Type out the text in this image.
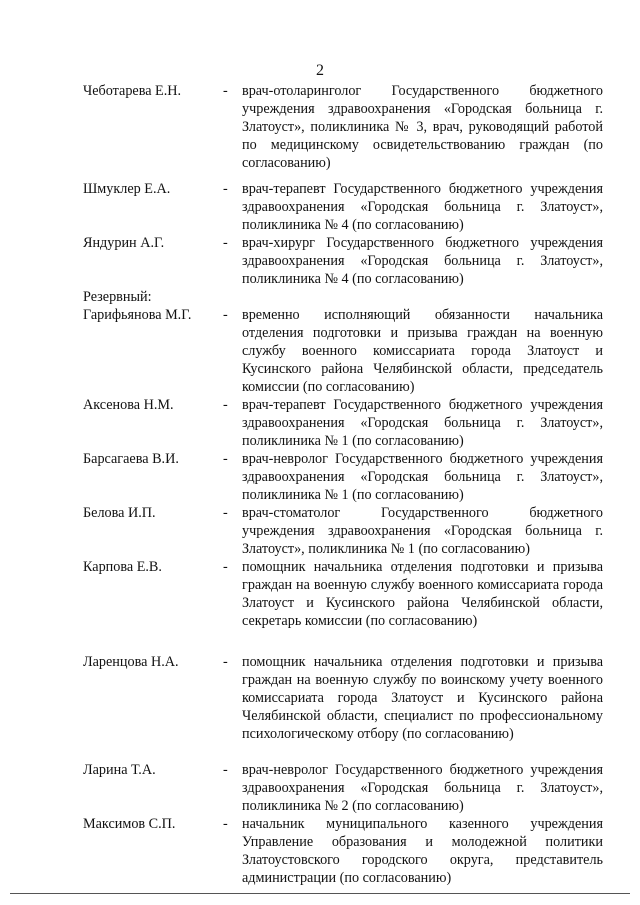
2
Чеботарева Е.Н.	-	врач-отоларинголог Государственного бюджетного учреждения здравоохранения «Городская больница г. Златоуст», поликлиника № 3, врач, руководящий работой по медицинскому освидетельствованию граждан (по согласованию)
Шмуклер Е.А.	-	врач-терапевт Государственного бюджетного учреждения здравоохранения «Городская больница г. Златоуст», поликлиника № 4 (по согласованию)
Яндурин А.Г.	-	врач-хирург Государственного бюджетного учреждения здравоохранения «Городская больница г. Златоуст», поликлиника № 4 (по согласованию)
Резервный:
Гарифьянова М.Г.	-	временно исполняющий обязанности начальника отделения подготовки и призыва граждан на военную службу военного комиссариата города Златоуст и Кусинского района Челябинской области, председатель комиссии (по согласованию)
Аксенова Н.М.	-	врач-терапевт Государственного бюджетного учреждения здравоохранения «Городская больница г. Златоуст», поликлиника № 1 (по согласованию)
Барсагаева В.И.	-	врач-невролог Государственного бюджетного учреждения здравоохранения «Городская больница г. Златоуст», поликлиника № 1 (по согласованию)
Белова И.П.	-	врач-стоматолог Государственного бюджетного учреждения здравоохранения «Городская больница г. Златоуст», поликлиника № 1 (по согласованию)
Карпова Е.В.	-	помощник начальника отделения подготовки и призыва граждан на военную службу военного комиссариата города Златоуст и Кусинского района Челябинской области, секретарь комиссии (по согласованию)
Ларенцова Н.А.	-	помощник начальника отделения подготовки и призыва граждан на военную службу по воинскому учету военного комиссариата города Златоуст и Кусинского района Челябинской области, специалист по профессиональному психологическому отбору (по согласованию)
Ларина Т.А.	-	врач-невролог Государственного бюджетного учреждения здравоохранения «Городская больница г. Златоуст», поликлиника № 2 (по согласованию)
Максимов С.П.	-	начальник муниципального казенного учреждения Управление образования и молодежной политики Златоустовского городского округа, представитель администрации (по согласованию)
